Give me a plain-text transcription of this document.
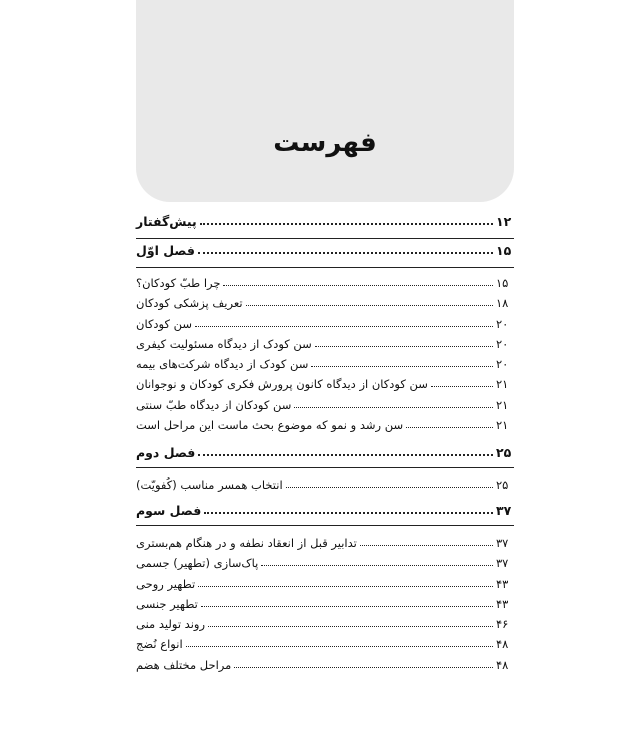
فهرست
پیش‌گفتار	۱۲
فصل اوّل	۱۵
چرا طبّ کودکان؟	۱۵
تعریف پزشکی کودکان	۱۸
سن کودکان	۲۰
سن کودک از دیدگاه مسئولیت کیفری	۲۰
سن کودک از دیدگاه شرکت‌های بیمه	۲۰
سن کودکان از دیدگاه کانون پرورش فکری کودکان و نوجوانان	۲۱
سن کودکان از دیدگاه طبّ سنتی	۲۱
سن رشد و نمو که موضوع بحث ماست این مراحل است	۲۱
فصل دوم	۲۵
انتخاب همسر مناسب (کُفویّت)	۲۵
فصل سوم	۳۷
تدابیر قبل از انعقاد نطفه و در هنگام هم‌بستری	۳۷
پاک‌سازی (تطهیر) جسمی	۳۷
تطهیر روحی	۴۳
تطهیر جنسی	۴۳
روند تولید منی	۴۶
انواع نُضج	۴۸
مراحل مختلف هضم	۴۸
